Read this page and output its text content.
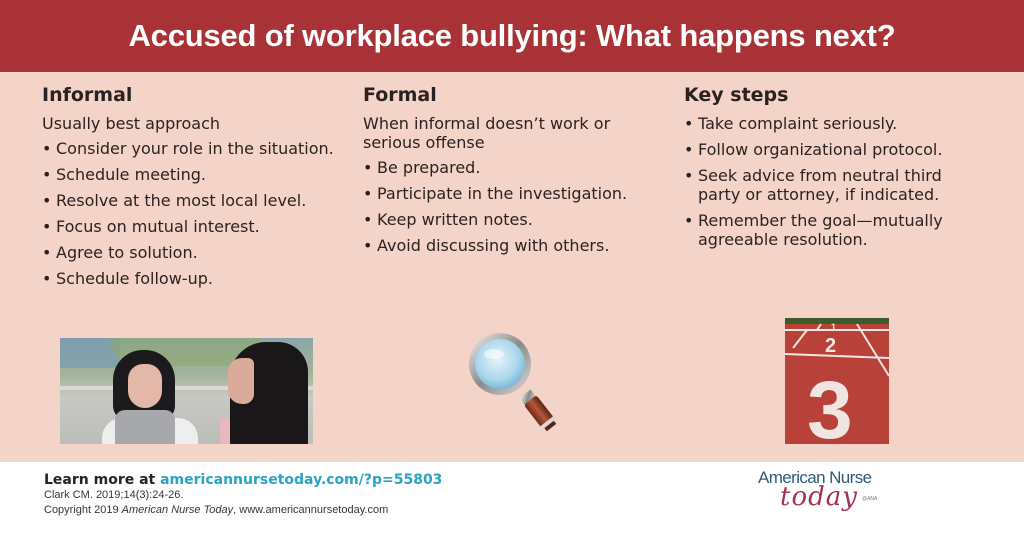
Accused of workplace bullying: What happens next?
Informal
Usually best approach
• Consider your role in the situation.
• Schedule meeting.
• Resolve at the most local level.
• Focus on mutual interest.
• Agree to solution.
• Schedule follow-up.
Formal
When informal doesn’t work or serious offense
• Be prepared.
• Participate in the investigation.
• Keep written notes.
• Avoid discussing with others.
Key steps
• Take complaint seriously.
• Follow organizational protocol.
• Seek advice from neutral third party or attorney, if indicated.
• Remember the goal—mutually agreeable resolution.
1
2
3
Learn more at americannursetoday.com/?p=55803
Clark CM. 2019;14(3):24-26.
Copyright 2019 American Nurse Today, www.americannursetoday.com
American Nurse
today @ANA
